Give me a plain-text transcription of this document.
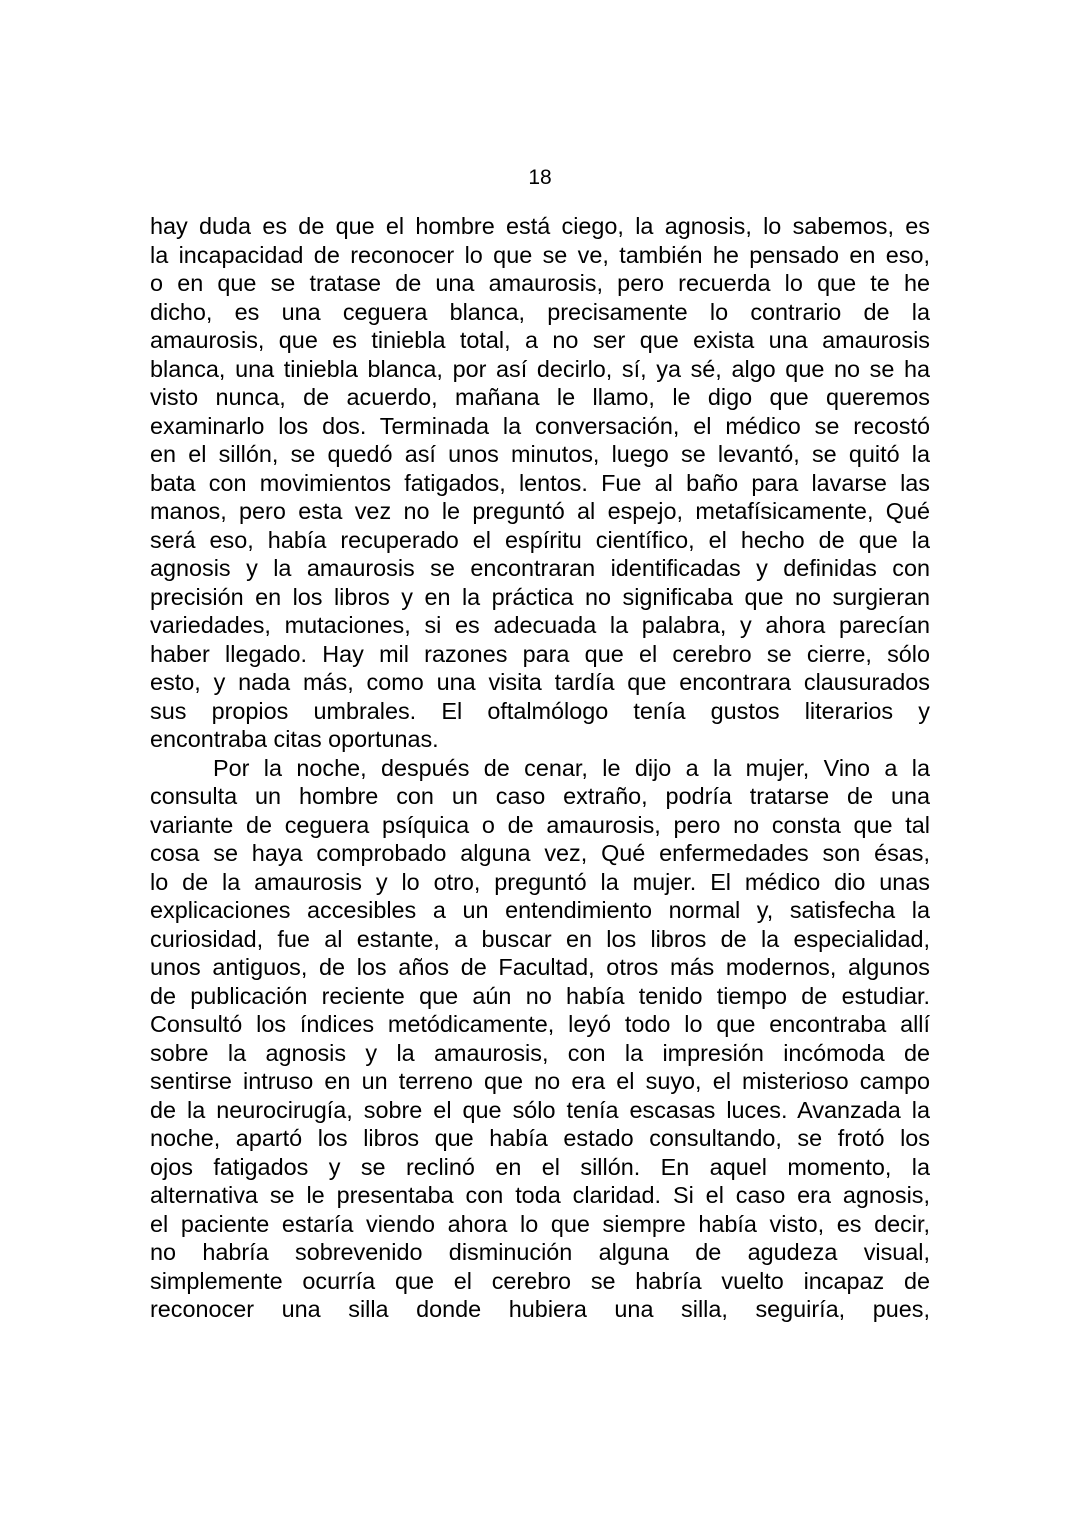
18
hay duda es de que el hombre está ciego, la agnosis, lo sabemos, es
la incapacidad de reconocer lo que se ve, también he pensado en eso,
o en que se tratase de una amaurosis, pero recuerda lo que te he
dicho, es una ceguera blanca, precisamente lo contrario de la
amaurosis, que es tiniebla total, a no ser que exista una amaurosis
blanca, una tiniebla blanca, por así decirlo, sí, ya sé, algo que no se ha
visto nunca, de acuerdo, mañana le llamo, le digo que queremos
examinarlo los dos. Terminada la conversación, el médico se recostó
en el sillón, se quedó así unos minutos, luego se levantó, se quitó la
bata con movimientos fatigados, lentos. Fue al baño para lavarse las
manos, pero esta vez no le preguntó al espejo, metafísicamente, Qué
será eso, había recuperado el espíritu científico, el hecho de que la
agnosis y la amaurosis se encontraran identificadas y definidas con
precisión en los libros y en la práctica no significaba que no surgieran
variedades, mutaciones, si es adecuada la palabra, y ahora parecían
haber llegado. Hay mil razones para que el cerebro se cierre, sólo
esto, y nada más, como una visita tardía que encontrara clausurados
sus propios umbrales. El oftalmólogo tenía gustos literarios y
encontraba citas oportunas.
Por la noche, después de cenar, le dijo a la mujer, Vino a la
consulta un hombre con un caso extraño, podría tratarse de una
variante de ceguera psíquica o de amaurosis, pero no consta que tal
cosa se haya comprobado alguna vez, Qué enfermedades son ésas,
lo de la amaurosis y lo otro, preguntó la mujer. El médico dio unas
explicaciones accesibles a un entendimiento normal y, satisfecha la
curiosidad, fue al estante, a buscar en los libros de la especialidad,
unos antiguos, de los años de Facultad, otros más modernos, algunos
de publicación reciente que aún no había tenido tiempo de estudiar.
Consultó los índices metódicamente, leyó todo lo que encontraba allí
sobre la agnosis y la amaurosis, con la impresión incómoda de
sentirse intruso en un terreno que no era el suyo, el misterioso campo
de la neurocirugía, sobre el que sólo tenía escasas luces. Avanzada la
noche, apartó los libros que había estado consultando, se frotó los
ojos fatigados y se reclinó en el sillón. En aquel momento, la
alternativa se le presentaba con toda claridad. Si el caso era agnosis,
el paciente estaría viendo ahora lo que siempre había visto, es decir,
no habría sobrevenido disminución alguna de agudeza visual,
simplemente ocurría que el cerebro se habría vuelto incapaz de
reconocer una silla donde hubiera una silla, seguiría, pues,
